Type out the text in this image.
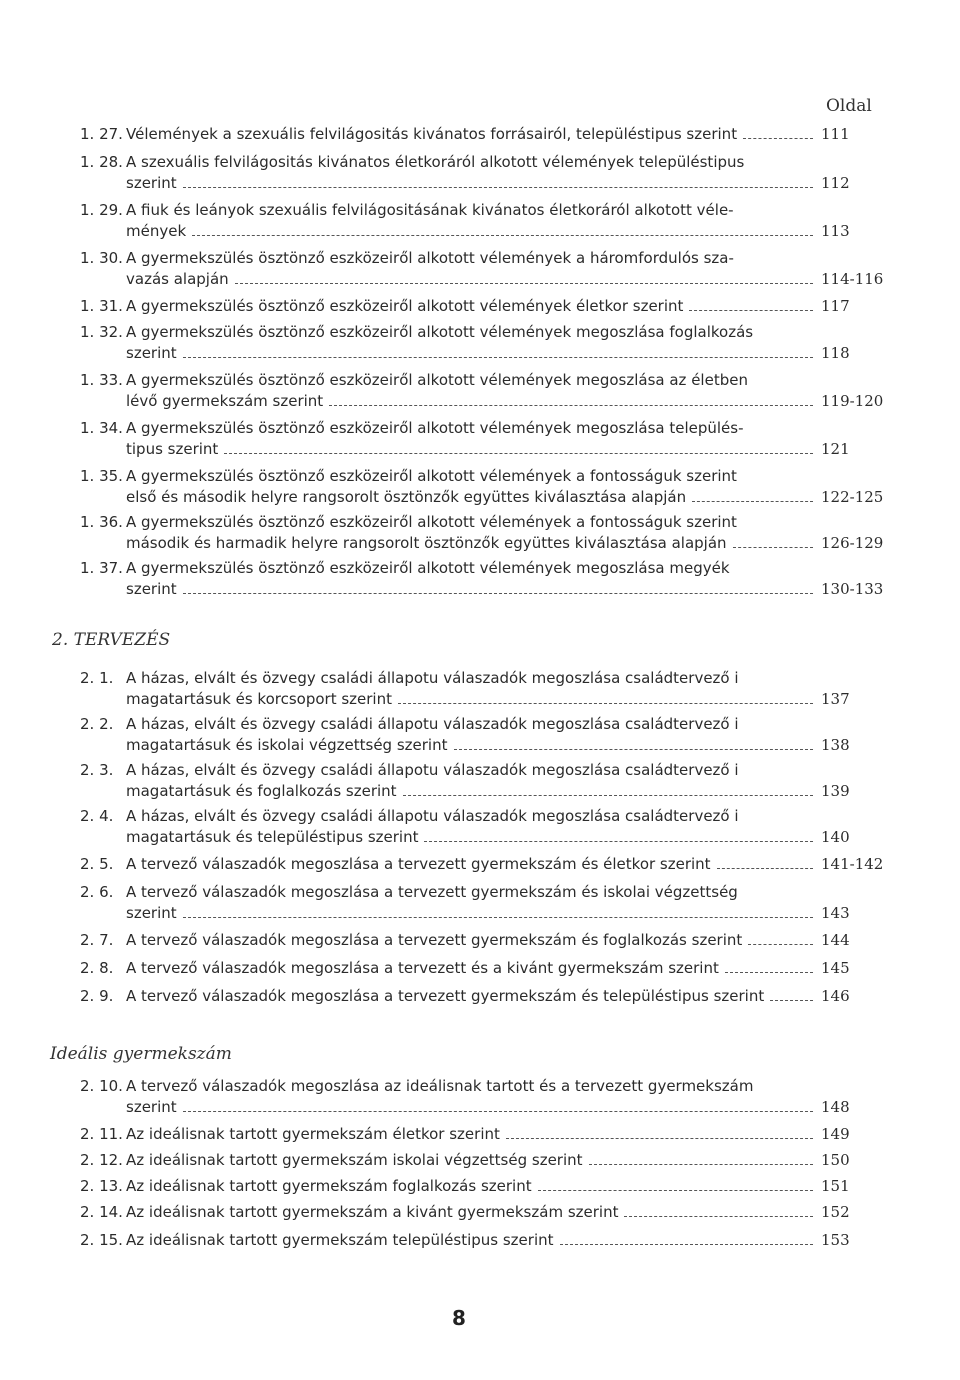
Oldal
1. 27. Vélemények a szexuális felvilágositás kivánatos forrásairól, településtipus szerint	111
1. 28. A szexuális felvilágositás kivánatos életkoráról alkotott vélemények településtipus
szerint	112
1. 29. A fiuk és leányok szexuális felvilágositásának kivánatos életkoráról alkotott véle-
mények	113
1. 30. A gyermekszülés ösztönző eszközeiről alkotott vélemények a háromfordulós sza-
vazás alapján	114-116
1. 31. A gyermekszülés ösztönző eszközeiről alkotott vélemények életkor szerint	117
1. 32. A gyermekszülés ösztönző eszközeiről alkotott vélemények megoszlása foglalkozás
szerint	118
1. 33. A gyermekszülés ösztönző eszközeiről alkotott vélemények megoszlása az életben
lévő gyermekszám szerint	119-120
1. 34. A gyermekszülés ösztönző eszközeiről alkotott vélemények megoszlása település-
tipus szerint	121
1. 35. A gyermekszülés ösztönző eszközeiről alkotott vélemények a fontosságuk szerint
első és második helyre rangsorolt ösztönzők együttes kiválasztása alapján	122-125
1. 36. A gyermekszülés ösztönző eszközeiről alkotott vélemények a fontosságuk szerint
második és harmadik helyre rangsorolt ösztönzők együttes kiválasztása alapján	126-129
1. 37. A gyermekszülés ösztönző eszközeiről alkotott vélemények megoszlása megyék
szerint	130-133
2. TERVEZÉS
2. 1. A házas, elvált és özvegy családi állapotu válaszadók megoszlása családtervező i
magatartásuk és korcsoport szerint	137
2. 2. A házas, elvált és özvegy családi állapotu válaszadók megoszlása családtervező i
magatartásuk és iskolai végzettség szerint	138
2. 3. A házas, elvált és özvegy családi állapotu válaszadók megoszlása családtervező i
magatartásuk és foglalkozás szerint	139
2. 4. A házas, elvált és özvegy családi állapotu válaszadók megoszlása családtervező i
magatartásuk és településtipus szerint	140
2. 5. A tervező válaszadók megoszlása a tervezett gyermekszám és életkor szerint	141-142
2. 6. A tervező válaszadók megoszlása a tervezett gyermekszám és iskolai végzettség
szerint	143
2. 7. A tervező válaszadók megoszlása a tervezett gyermekszám és foglalkozás szerint	144
2. 8. A tervező válaszadók megoszlása a tervezett és a kivánt gyermekszám szerint	145
2. 9. A tervező válaszadók megoszlása a tervezett gyermekszám és településtipus szerint	146
Ideális gyermekszám
2. 10. A tervező válaszadók megoszlása az ideálisnak tartott és a tervezett gyermekszám
szerint	148
2. 11. Az ideálisnak tartott gyermekszám életkor szerint	149
2. 12. Az ideálisnak tartott gyermekszám iskolai végzettség szerint	150
2. 13. Az ideálisnak tartott gyermekszám foglalkozás szerint	151
2. 14. Az ideálisnak tartott gyermekszám a kivánt gyermekszám szerint	152
2. 15. Az ideálisnak tartott gyermekszám településtipus szerint	153
8
